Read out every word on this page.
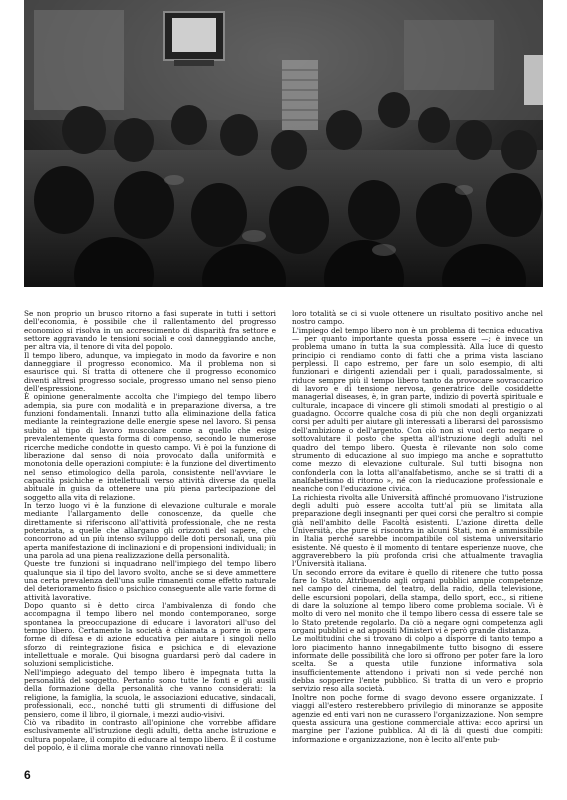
Se non proprio un brusco ritorno a fasi superate in tutti i settori dell'economia, è possibile che il rallentamento del progresso economico si risolva in un accrescimento di disparità fra settore e settore aggravando le tensioni sociali e così danneggiando anche, per altra via, il tenore di vita del popolo.

Il tempo libero, adunque, va impiegato in modo da favorire e non danneggiare il progresso economico. Ma il problema non si esaurisce qui. Si tratta di ottenere che il progresso economico diventi altresì progresso sociale, progresso umano nel senso pieno dell'espressione.

È opinione generalmente accolta che l'impiego del tempo libero adempia, sia pure con modalità e in preparazione diversa, a tre funzioni fondamentali. Innanzi tutto alla eliminazione della fatica mediante la reintegrazione delle energie spese nel lavoro. Si pensa subito al tipo di lavoro muscolare come a quello che esige prevalentemente questa forma di compenso, secondo le numerose ricerche mediche condotte in questo campo. Vi è poi la funzione di liberazione dal senso di noia provocato dalla uniformità e monotonia delle operazioni compiute: è la funzione del divertimento nel senso etimologico della parola, consistente nell'avviare le capacità psichiche e intellettuali verso attività diverse da quella abituale in guisa da ottenere una più piena partecipazione del soggetto alla vita di relazione.

In terzo luogo vi è la funzione di elevazione culturale e morale mediante l'allargamento delle conoscenze, da quelle che direttamente si riferiscono all'attività professionale, che ne resta potenziata, a quelle che allargano gli orizzonti del sapere, che concorrono ad un più intenso sviluppo delle doti personali, una più aperta manifestazione di inclinazioni e di propensioni individuali; in una parola ad una piena realizzazione della personalità.

Queste tre funzioni si inquadrano nell'impiego del tempo libero qualunque sia il tipo del lavoro svolto, anche se si deve ammettere una certa prevalenza dell'una sulle rimanenti come effetto naturale del deterioramento fisico o psichico conseguente alle varie forme di attività lavorative.

Dopo quanto si è detto circa l'ambivalenza di fondo che accompagna il tempo libero nel mondo contemporaneo, sorge spontanea la preoccupazione di educare i lavoratori all'uso del tempo libero. Certamente la società è chiamata a porre in opera forme di difesa e di azione educativa per aiutare i singoli nello sforzo di reintegrazione fisica e psichica e di elevazione intellettuale e morale. Qui bisogna guardarsi però dal cadere in soluzioni semplicistiche.

Nell'impiego adeguato del tempo libero è impegnata tutta la personalità del soggetto. Pertanto sono tutte le fonti e gli ausili della formazione della personalità che vanno considerati: la religione, la famiglia, la scuola, le associazioni educative, sindacali, professionali, ecc., nonché tutti gli strumenti di diffusione del pensiero, come il libro, il giornale, i mezzi audio-visivi.

Ciò va ribadito in contrasto all'opinione che vorrebbe affidare esclusivamente all'istruzione degli adulti, detta anche istruzione e cultura popolare, il compito di educare al tempo libero. È il costume del popolo, è il clima morale che vanno rinnovati nella

loro totalità se ci si vuole ottenere un risultato positivo anche nel nostro campo.

L'impiego del tempo libero non è un problema di tecnica educativa — per quanto importante questa possa essere —; è invece un problema umano in tutta la sua complessità. Alla luce di questo principio ci rendiamo conto di fatti che a prima vista lasciano perplessi. Il capo estremo, per fare un solo esempio, di alti funzionari e dirigenti aziendali per i quali, paradossalmente, si riduce sempre più il tempo libero tanto da provocare sovraccarico di lavoro e di tensione nervosa, generatrice delle cosiddette managerial diseases, è, in gran parte, indizio di povertà spirituale e culturale, incapace di vincere gli stimoli smodati al prestigio o al guadagno. Occorre qualche cosa di più che non degli organizzati corsi per adulti per aiutare gli interessati a liberarsi del parossismo dell'ambizione o dell'argento. Con ciò non si vuol certo negare o sottovalutare il posto che spetta all'istruzione degli adulti nel quadro del tempo libero. Questa è rilevante non solo come strumento di educazione al suo impiego ma anche e soprattutto come mezzo di elevazione culturale. Sul tutti bisogna non confonderla con la lotta all'analfabetismo, anche se si tratti di a analfabetismo di ritorno », né con la rieducazione professionale e neanche con l'educazione civica.

La richiesta rivolta alle Università affinché promuovano l'istruzione degli adulti può essere accolta tutt'al più se limitata alla preparazione degli insegnanti per quei corsi che peraltro si compie già nell'ambito delle Facoltà esistenti. L'azione diretta delle Università, che pure si riscontra in alcuni Stati, non è ammissibile in Italia perché sarebbe incompatibile col sistema universitario esistente. Né questo è il momento di tentare esperienze nuove, che aggraverebbero la più profonda crisi che attualmente travaglia l'Università italiana.

Un secondo errore da evitare è quello di ritenere che tutto possa fare lo Stato. Attribuendo agli organi pubblici ampie competenze nel campo del cinema, del teatro, della radio, della televisione, delle escursioni popolari, della stampa, dello sport, ecc., si ritiene di dare la soluzione al tempo libero come problema sociale. Vi è molto di vero nel monito che il tempo libero cessa di essere tale se lo Stato pretende regolarlo. Da ciò a negare ogni competenza agli organi pubblici e ad appositi Ministeri vi è però grande distanza.

Le moltitudini che si trovano di colpo a disporre di tanto tempo a loro piacimento hanno innegabilmente tutto bisogno di essere informate delle possibilità che loro si offrono per poter fare la loro scelta. Se a questa utile funzione informativa sola insufficientemente attendono i privati non si vede perché non debba sopperire l'ente pubblico. Si tratta di un vero e proprio servizio reso alla società.

Inoltre non poche forme di svago devono essere organizzate. I viaggi all'estero resterebbero privilegio di minoranze se apposite agenzie ed enti vari non ne curassero l'organizzazione. Non sempre questa assicura una gestione commerciale attiva: ecco aprirsi un margine per l'azione pubblica. Al di là di questi due compiti: informazione e organizzazione, non è lecito all'ente pub-

6
